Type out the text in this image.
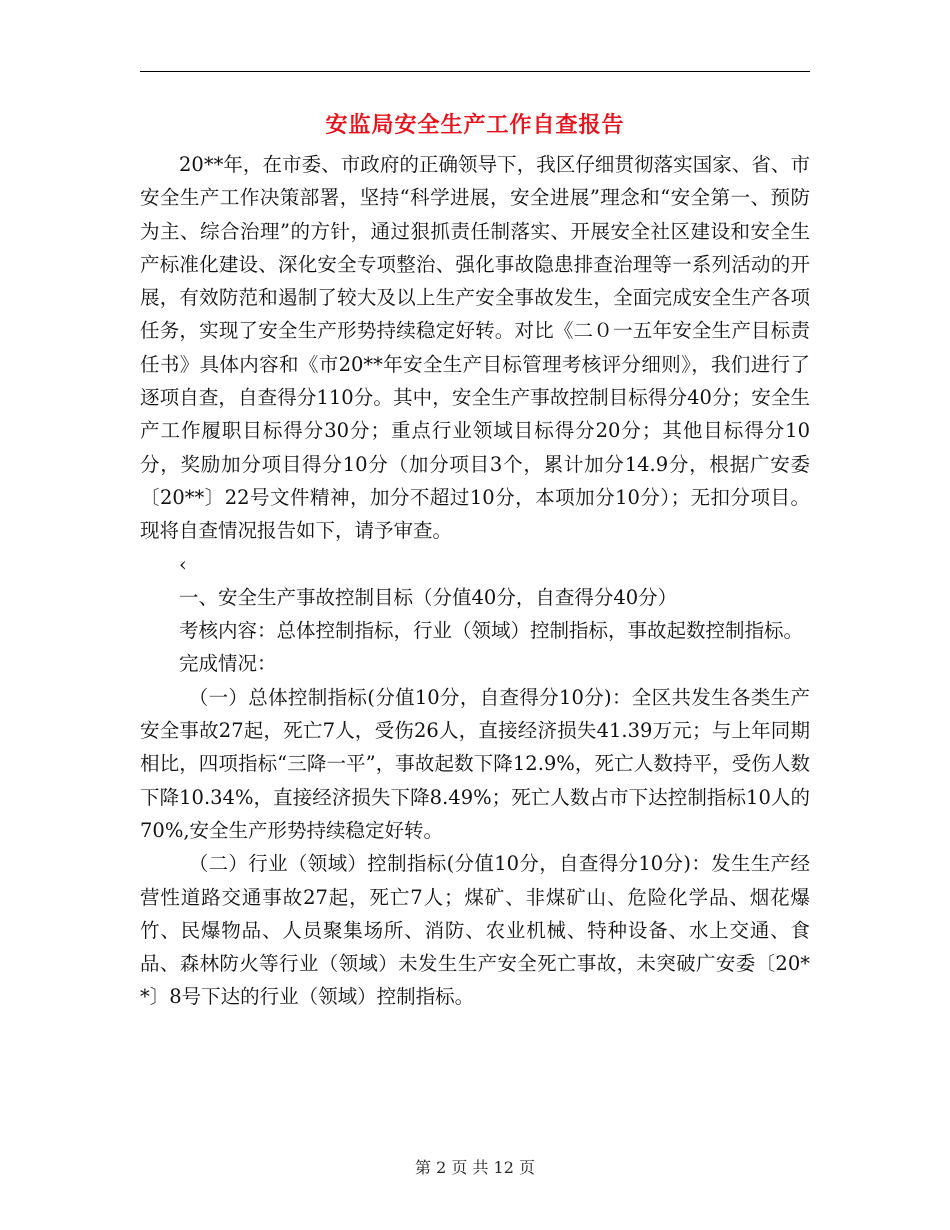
安监局安全生产工作自查报告

20**年，在市委、市政府的正确领导下，我区仔细贯彻落实国家、省、市安全生产工作决策部署，坚持“科学进展，安全进展”理念和“安全第一、预防为主、综合治理”的方针，通过狠抓责任制落实、开展安全社区建设和安全生产标准化建设、深化安全专项整治、强化事故隐患排查治理等一系列活动的开展，有效防范和遏制了较大及以上生产安全事故发生，全面完成安全生产各项任务，实现了安全生产形势持续稳定好转。对比《二０一五年安全生产目标责任书》具体内容和《市20**年安全生产目标管理考核评分细则》，我们进行了逐项自查，自查得分110分。其中，安全生产事故控制目标得分40分；安全生产工作履职目标得分30分；重点行业领域目标得分20分；其他目标得分10分，奖励加分项目得分10分（加分项目3个，累计加分14.9分，根据广安委〔20**〕22号文件精神，加分不超过10分，本项加分10分）；无扣分项目。现将自查情况报告如下，请予审查。

‹

一、安全生产事故控制目标（分值40分，自查得分40分）

考核内容：总体控制指标，行业（领域）控制指标，事故起数控制指标。

完成情况：

（一）总体控制指标(分值10分，自查得分10分)：全区共发生各类生产安全事故27起，死亡7人，受伤26人，直接经济损失41.39万元；与上年同期相比，四项指标“三降一平”，事故起数下降12.9%，死亡人数持平，受伤人数下降10.34%，直接经济损失下降8.49%；死亡人数占市下达控制指标10人的70%,安全生产形势持续稳定好转。

（二）行业（领域）控制指标(分值10分，自查得分10分)：发生生产经营性道路交通事故27起，死亡7人；煤矿、非煤矿山、危险化学品、烟花爆竹、民爆物品、人员聚集场所、消防、农业机械、特种设备、水上交通、食品、森林防火等行业（领域）未发生生产安全死亡事故，未突破广安委〔20**〕8号下达的行业（领域）控制指标。

第 2 页 共 12 页
